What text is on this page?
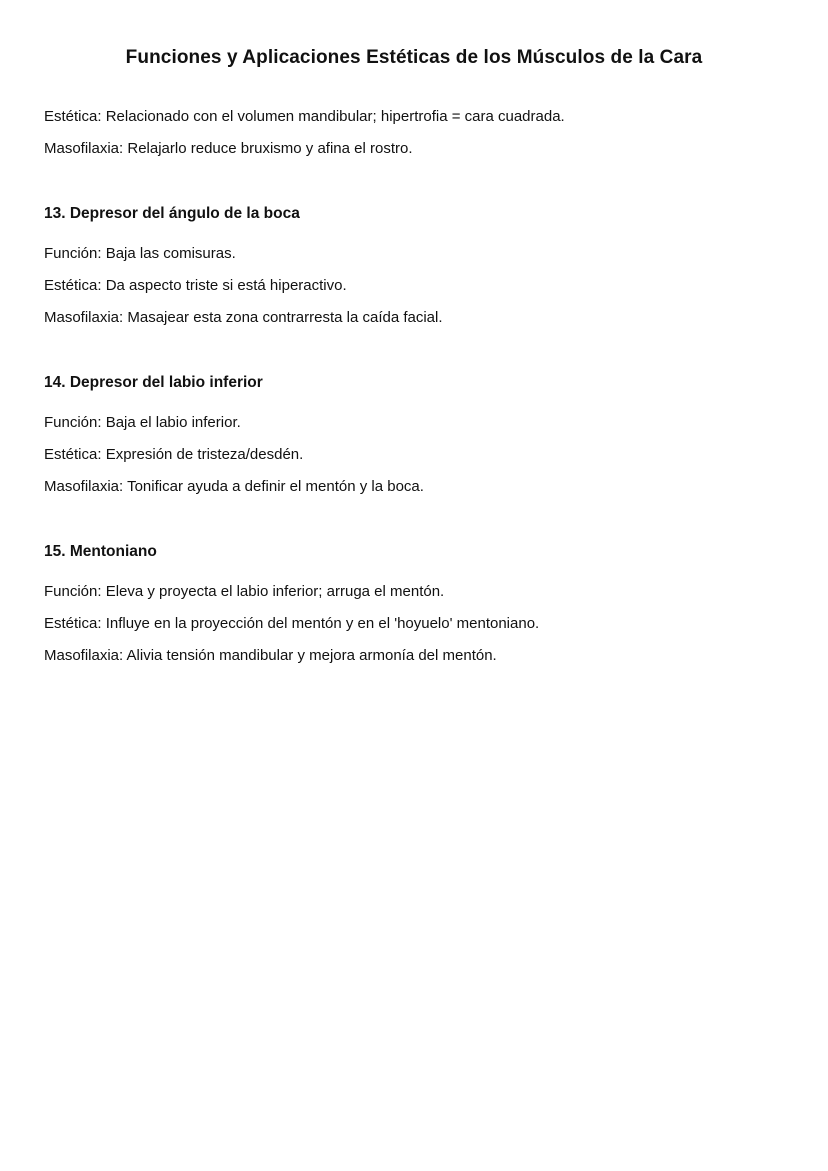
Funciones y Aplicaciones Estéticas de los Músculos de la Cara

Estética: Relacionado con el volumen mandibular; hipertrofia = cara cuadrada.

Masofilaxia: Relajarlo reduce bruxismo y afina el rostro.

13. Depresor del ángulo de la boca

Función: Baja las comisuras.

Estética: Da aspecto triste si está hiperactivo.

Masofilaxia: Masajear esta zona contrarresta la caída facial.

14. Depresor del labio inferior

Función: Baja el labio inferior.

Estética: Expresión de tristeza/desdén.

Masofilaxia: Tonificar ayuda a definir el mentón y la boca.

15. Mentoniano

Función: Eleva y proyecta el labio inferior; arruga el mentón.

Estética: Influye en la proyección del mentón y en el 'hoyuelo' mentoniano.

Masofilaxia: Alivia tensión mandibular y mejora armonía del mentón.
